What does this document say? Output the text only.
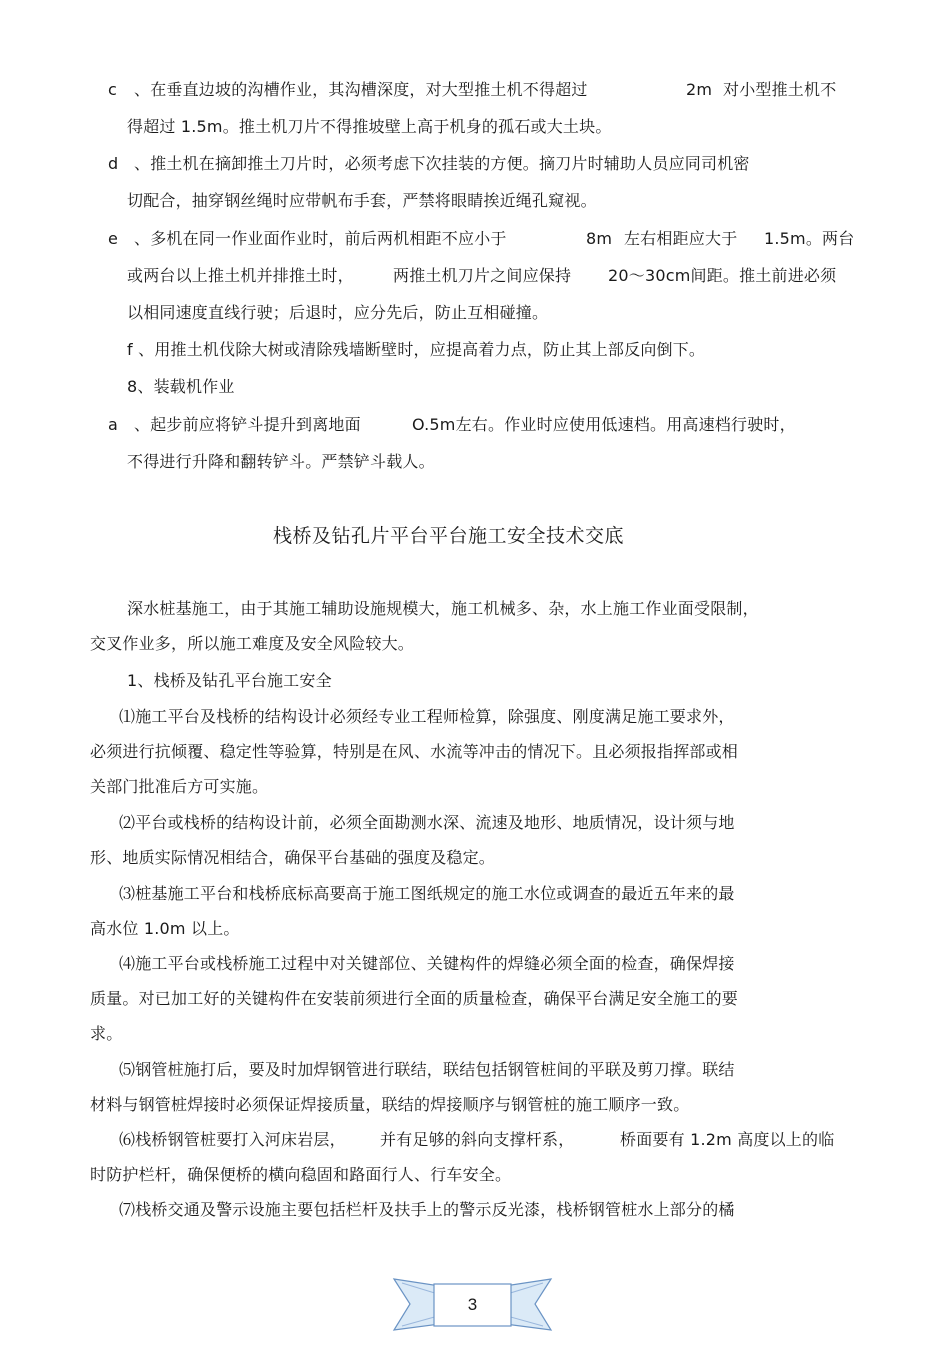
c 、在垂直边坡的沟槽作业，其沟槽深度，对大型推土机不得超过	2m 对小型推土机不
得超过 1.5m。推土机刀片不得推坡壁上高于机身的孤石或大土块。
d 、推土机在摘卸推土刀片时，必须考虑下次挂装的方便。摘刀片时辅助人员应同司机密
切配合，抽穿钢丝绳时应带帆布手套，严禁将眼睛挨近绳孔窥视。
e 、多机在同一作业面作业时，前后两机相距不应小于	8m 左右相距应大于 1.5m。两台
或两台以上推土机并排推土时， 两推土机刀片之间应保持 20～30cm间距。推土前进必须
以相同速度直线行驶；后退时，应分先后，防止互相碰撞。
f 、用推土机伐除大树或清除残墙断壁时，应提高着力点，防止其上部反向倒下。
8、装载机作业
a 、起步前应将铲斗提升到离地面	O.5m左右。作业时应使用低速档。用高速档行驶时，
不得进行升降和翻转铲斗。严禁铲斗载人。
栈桥及钻孔片平台平台施工安全技术交底
深水桩基施工，由于其施工辅助设施规模大，施工机械多、杂，水上施工作业面受限制，
交叉作业多，所以施工难度及安全风险较大。
1、栈桥及钻孔平台施工安全
⑴施工平台及栈桥的结构设计必须经专业工程师检算，除强度、刚度满足施工要求外，
必须进行抗倾覆、稳定性等验算，特别是在风、水流等冲击的情况下。且必须报指挥部或相
关部门批准后方可实施。
⑵平台或栈桥的结构设计前，必须全面勘测水深、流速及地形、地质情况，设计须与地
形、地质实际情况相结合，确保平台基础的强度及稳定。
⑶桩基施工平台和栈桥底标高要高于施工图纸规定的施工水位或调查的最近五年来的最
高水位 1.0m 以上。
⑷施工平台或栈桥施工过程中对关键部位、关键构件的焊缝必须全面的检查，确保焊接
质量。对已加工好的关键构件在安装前须进行全面的质量检查，确保平台满足安全施工的要
求。
⑸钢管桩施打后，要及时加焊钢管进行联结，联结包括钢管桩间的平联及剪刀撑。联结
材料与钢管桩焊接时必须保证焊接质量，联结的焊接顺序与钢管桩的施工顺序一致。
⑹栈桥钢管桩要打入河床岩层， 并有足够的斜向支撑杆系，	桥面要有 1.2m 高度以上的临
时防护栏杆，确保便桥的横向稳固和路面行人、行车安全。
⑺栈桥交通及警示设施主要包括栏杆及扶手上的警示反光漆，栈桥钢管桩水上部分的橘
3
